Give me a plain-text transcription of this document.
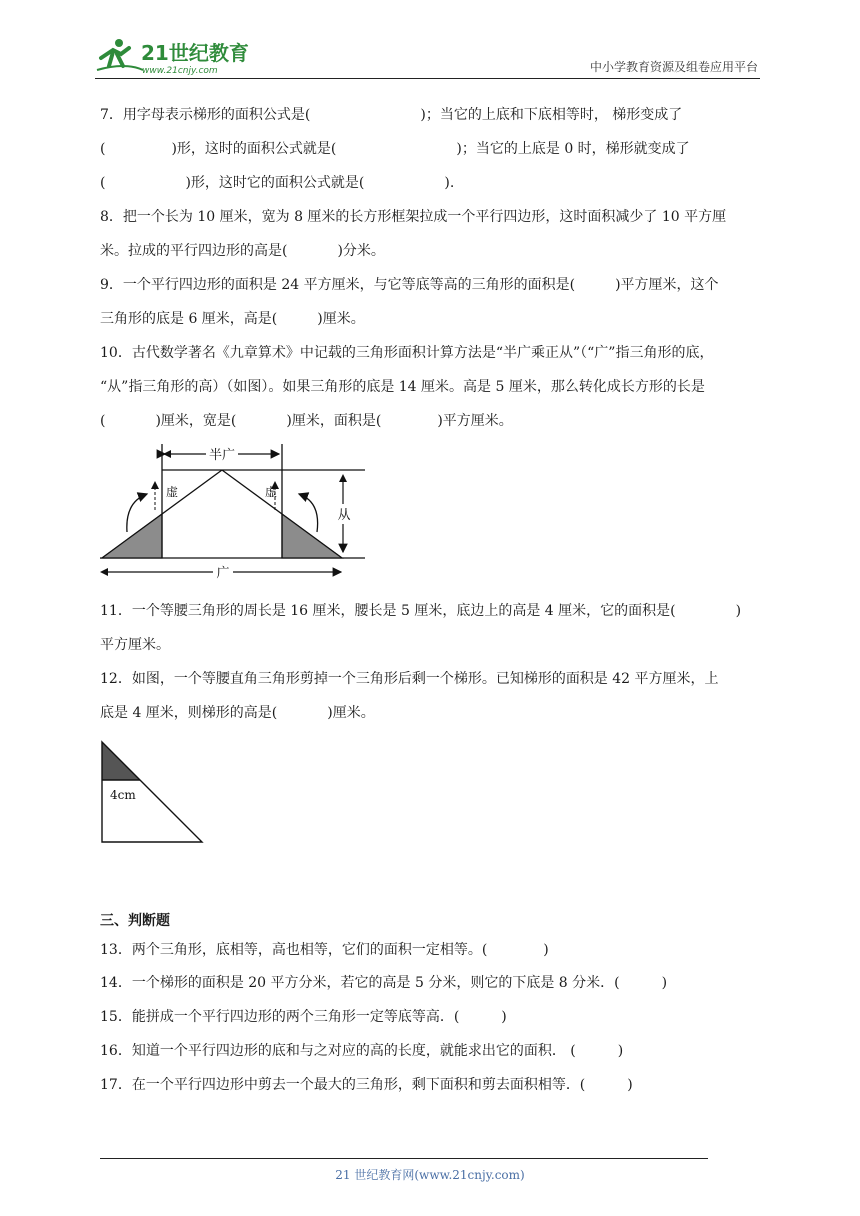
21世纪教育
www.21cnjy.com	中小学教育资源及组卷应用平台
7．用字母表示梯形的面积公式是(	)；当它的上底和下底相等时， 梯形变成了
(	)形，这时的面积公式就是(	)；当它的上底是 0 时，梯形就变成了
(	)形，这时它的面积公式就是(	).
8．把一个长为 10 厘米，宽为 8 厘米的长方形框架拉成一个平行四边形，这时面积减少了 10 平方厘
米。拉成的平行四边形的高是(	)分米。
9．一个平行四边形的面积是 24 平方厘米，与它等底等高的三角形的面积是(	)平方厘米，这个
三角形的底是 6 厘米，高是(	)厘米。
10．古代数学著名《九章算术》中记载的三角形面积计算方法是“半广乘正从”（“广”指三角形的底，
“从”指三角形的高）（如图）。如果三角形的底是 14 厘米。高是 5 厘米，那么转化成长方形的长是
(	)厘米，宽是(	)厘米，面积是(	)平方厘米。
半广
从
广
虚	虚
11．一个等腰三角形的周长是 16 厘米，腰长是 5 厘米，底边上的高是 4 厘米，它的面积是(	)
平方厘米。
12．如图，一个等腰直角三角形剪掉一个三角形后剩一个梯形。已知梯形的面积是 42 平方厘米，上
底是 4 厘米，则梯形的高是(	)厘米。
4cm
三、判断题
13．两个三角形，底相等，高也相等，它们的面积一定相等。(	)
14．一个梯形的面积是 20 平方分米，若它的高是 5 分米，则它的下底是 8 分米．(	)
15．能拼成一个平行四边形的两个三角形一定等底等高．(	)
16．知道一个平行四边形的底和与之对应的高的长度，就能求出它的面积． (	)
17．在一个平行四边形中剪去一个最大的三角形，剩下面积和剪去面积相等．(	)
21 世纪教育网(www.21cnjy.com)
